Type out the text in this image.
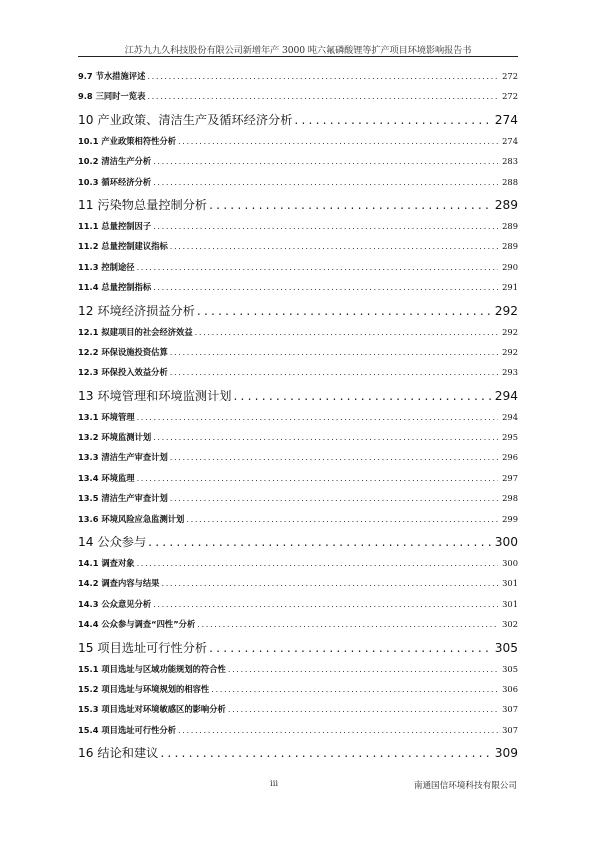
江苏九九久科技股份有限公司新增年产 3000 吨六氟磷酸锂等扩产项目环境影响报告书
9.7 节水措施评述 .....	272
9.8 三同时一览表 .....	272
10 产业政策、清洁生产及循环经济分析 .....	274
10.1 产业政策相符性分析 .....	274
10.2 清洁生产分析 .....	283
10.3 循环经济分析 .....	288
11 污染物总量控制分析 .....	289
11.1 总量控制因子 .....	289
11.2 总量控制建议指标 .....	289
11.3 控制途径 .....	290
11.4 总量控制指标 .....	291
12 环境经济损益分析 .....	292
12.1 拟建项目的社会经济效益 .....	292
12.2 环保设施投资估算 .....	292
12.3 环保投入效益分析 .....	293
13 环境管理和环境监测计划 .....	294
13.1 环境管理 .....	294
13.2 环境监测计划 .....	295
13.3 清洁生产审查计划 .....	296
13.4 环境监理 .....	297
13.5 清洁生产审查计划 .....	298
13.6 环境风险应急监测计划 .....	299
14 公众参与 .....	300
14.1 调查对象 .....	300
14.2 调查内容与结果 .....	301
14.3 公众意见分析 .....	301
14.4 公众参与调查“四性”分析 .....	302
15 项目选址可行性分析 .....	305
15.1 项目选址与区域功能规划的符合性 .....	305
15.2 项目选址与环境规划的相容性 .....	306
15.3 项目选址对环境敏感区的影响分析 .....	307
15.4 项目选址可行性分析 .....	307
16 结论和建议 .....	309
iii	南通国信环境科技有限公司
